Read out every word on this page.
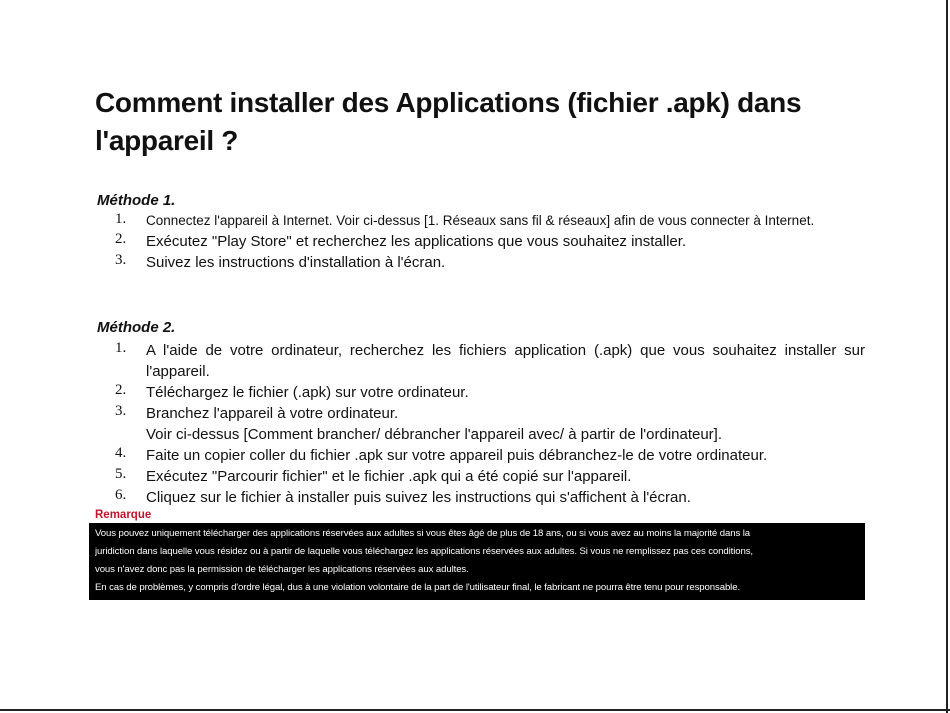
Comment installer des Applications (fichier .apk) dans l'appareil ?
Méthode 1.
1.	Connectez l'appareil à Internet. Voir ci-dessus [1. Réseaux sans fil & réseaux] afin de vous connecter à Internet.
2.	Exécutez "Play Store" et recherchez les applications que vous souhaitez installer.
3.	Suivez les instructions d'installation à l'écran.
Méthode 2.
1.	A l'aide de votre ordinateur, recherchez les fichiers application (.apk) que vous souhaitez installer sur l'appareil.
2.	Téléchargez le fichier (.apk) sur votre ordinateur.
3.	Branchez l'appareil à votre ordinateur.
Voir ci-dessus [Comment brancher/ débrancher l'appareil avec/ à partir de l'ordinateur].
4.	Faite un copier coller du fichier .apk sur votre appareil puis débranchez-le de votre ordinateur.
5.	Exécutez "Parcourir fichier" et le fichier .apk qui a été copié sur l'appareil.
6.	Cliquez sur le fichier à installer puis suivez les instructions qui s'affichent à l'écran.
Remarque

Vous pouvez uniquement télécharger des applications réservées aux adultes si vous êtes âgé de plus de 18 ans, ou si vous avez au moins la majorité dans la

juridiction dans laquelle vous résidez ou à partir de laquelle vous téléchargez les applications réservées aux adultes. Si vous ne remplissez pas ces conditions,

vous n'avez donc pas la permission de télécharger les applications réservées aux adultes.

En cas de problèmes, y compris d'ordre légal, dus à une violation volontaire de la part de l'utilisateur final, le fabricant ne pourra être tenu pour responsable.
